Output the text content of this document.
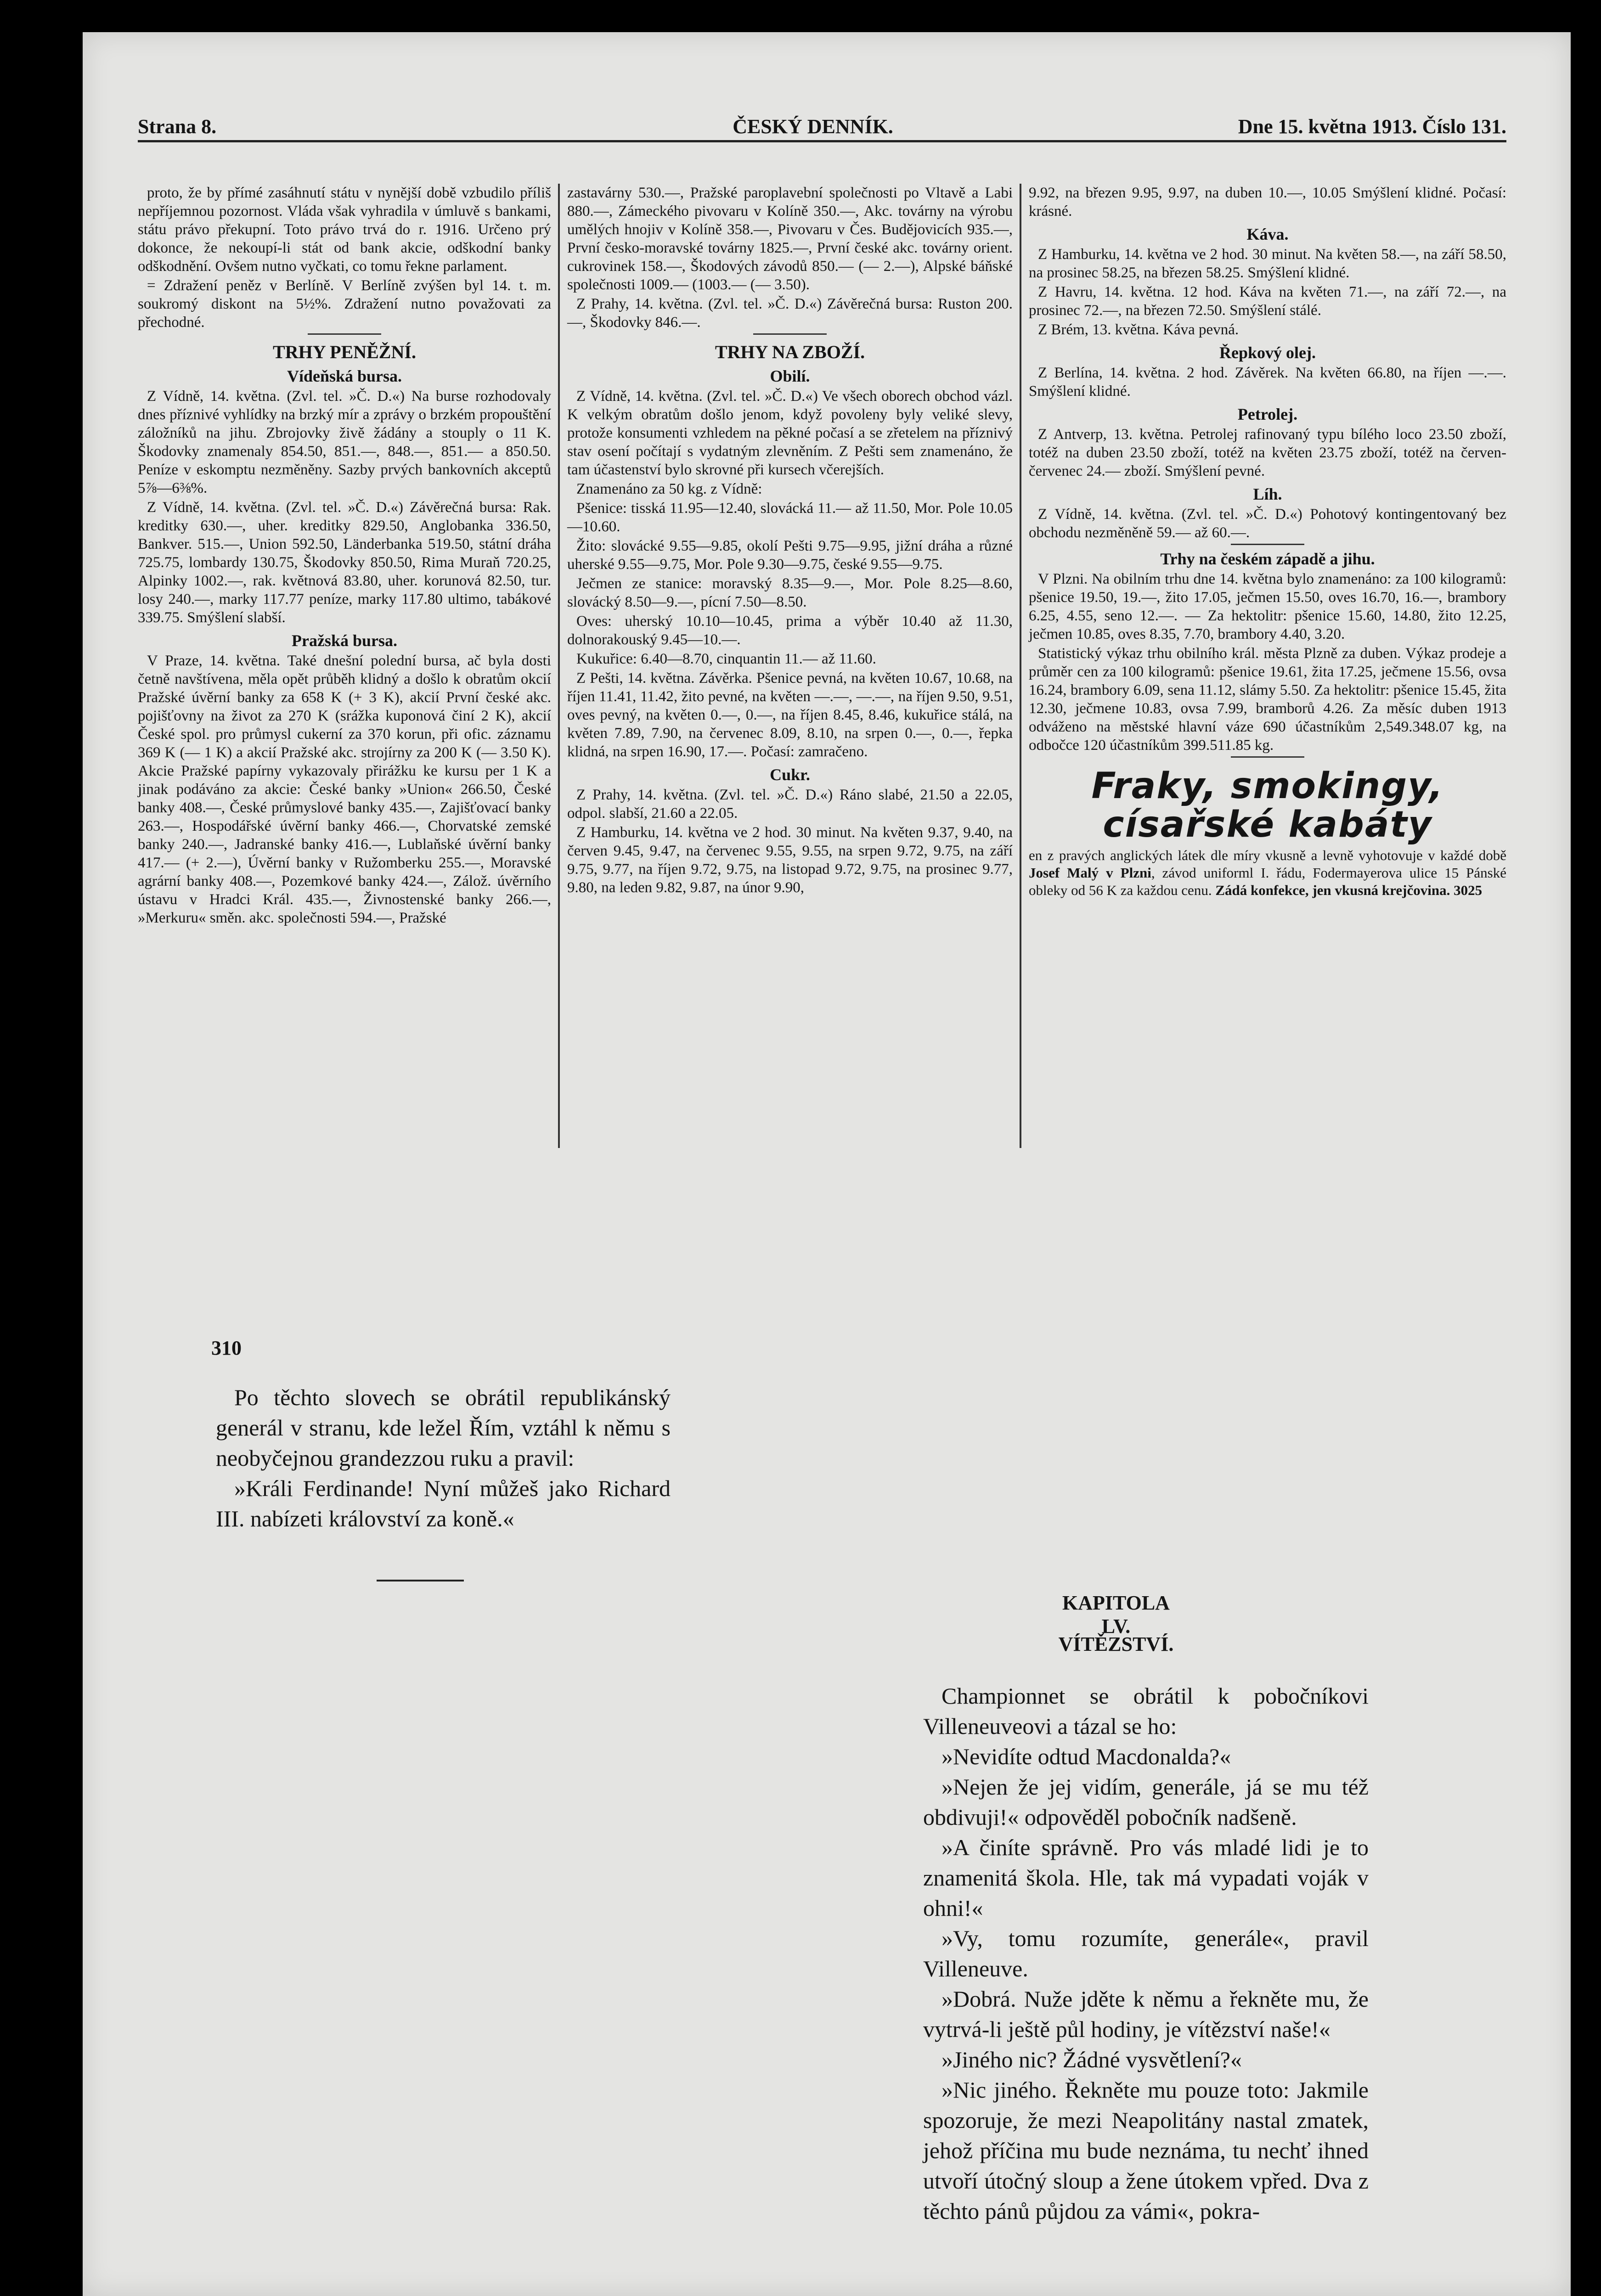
Strana 8.	ČESKÝ DENNÍK.	Dne 15. května 1913. Číslo 131.

proto, že by přímé zasáhnutí státu v nynější době vzbudilo příliš nepříjemnou pozornost. Vláda však vyhradila v úmluvě s bankami, státu právo překupní. Toto právo trvá do r. 1916. Určeno prý dokonce, že nekoupí-li stát od bank akcie, odškodní banky odškodnění. Ovšem nutno vyčkati, co tomu řekne parlament.

= Zdražení peněz v Berlíně. V Berlíně zvýšen byl 14. t. m. soukromý diskont na 5½%. Zdražení nutno považovati za přechodné.

TRHY PENĚŽNÍ.
Vídeňská bursa.

Z Vídně, 14. května. (Zvl. tel. »Č. D.«) Na burse rozhodovaly dnes příznivé vyhlídky na brzký mír a zprávy o brzkém propouštění záložníků na jihu. Zbrojovky živě žádány a stouply o 11 K. Škodovky znamenaly 854.50, 851.—, 848.—, 851.— a 850.50. Peníze v eskomptu nezměněny. Sazby prvých bankovních akceptů 5⅞—6⅜%.

Z Vídně, 14. května. (Zvl. tel. »Č. D.«) Závěrečná bursa: Rak. kreditky 630.—, uher. kreditky 829.50, Anglobanka 336.50, Bankver. 515.—, Union 592.50, Länderbanka 519.50, státní dráha 725.75, lombardy 130.75, Škodovky 850.50, Rima Muraň 720.25, Alpinky 1002.—, rak. květnová 83.80, uher. korunová 82.50, tur. losy 240.—, marky 117.77 peníze, marky 117.80 ultimo, tabákové 339.75. Smýšlení slabší.

Pražská bursa.

V Praze, 14. května. Také dnešní polední bursa, ač byla dosti četně navštívena, měla opět průběh klidný a došlo k obratům okcií Pražské úvěrní banky za 658 K (+ 3 K), akcií První české akc. pojišťovny na život za 270 K (srážka kuponová činí 2 K), akcií České spol. pro průmysl cukerní za 370 korun, při ofic. záznamu 369 K (— 1 K) a akcií Pražské akc. strojírny za 200 K (— 3.50 K). Akcie Pražské papírny vykazovaly přirážku ke kursu per 1 K a jinak podáváno za akcie: České banky »Union« 266.50, České banky 408.—, České průmyslové banky 435.—, Zajišťovací banky 263.—, Hospodářské úvěrní banky 466.—, Chorvatské zemské banky 240.—, Jadranské banky 416.—, Lublaňské úvěrní banky 417.— (+ 2.—), Úvěrní banky v Ružomberku 255.—, Moravské agrární banky 408.—, Pozemkové banky 424.—, Zálož. úvěrního ústavu v Hradci Král. 435.—, Živnostenské banky 266.—, »Merkuru« směn. akc. společnosti 594.—, Pražské

zastavárny 530.—, Pražské paroplavební společnosti po Vltavě a Labi 880.—, Zámeckého pivovaru v Kolíně 350.—, Akc. továrny na výrobu umělých hnojiv v Kolíně 358.—, Pivovaru v Čes. Budějovicích 935.—, První česko-moravské továrny 1825.—, První české akc. továrny orient. cukrovinek 158.—, Škodových závodů 850.— (— 2.—), Alpské báňské společnosti 1009.— (1003.— (— 3.50).

Z Prahy, 14. května. (Zvl. tel. »Č. D.«) Závěrečná bursa: Ruston 200.—, Škodovky 846.—.

TRHY NA ZBOŽÍ.
Obilí.

Z Vídně, 14. května. (Zvl. tel. »Č. D.«) Ve všech oborech obchod vázl. K velkým obratům došlo jenom, když povoleny byly veliké slevy, protože konsumenti vzhledem na pěkné počasí a se zřetelem na příznivý stav osení počítají s vydatným zlevněním. Z Pešti sem znamenáno, že tam účastenství bylo skrovné při kursech včerejších.

Znamenáno za 50 kg. z Vídně:

Pšenice: tisská 11.95—12.40, slovácká 11.— až 11.50, Mor. Pole 10.05—10.60.

Žito: slovácké 9.55—9.85, okolí Pešti 9.75—9.95, jižní dráha a různé uherské 9.55—9.75, Mor. Pole 9.30—9.75, české 9.55—9.75.

Ječmen ze stanice: moravský 8.35—9.—, Mor. Pole 8.25—8.60, slovácký 8.50—9.—, pícní 7.50—8.50.

Oves: uherský 10.10—10.45, prima a výběr 10.40 až 11.30, dolnorakouský 9.45—10.—.

Kukuřice: 6.40—8.70, cinquantin 11.— až 11.60.

Z Pešti, 14. května. Závěrka. Pšenice pevná, na květen 10.67, 10.68, na říjen 11.41, 11.42, žito pevné, na květen —.—, —.—, na říjen 9.50, 9.51, oves pevný, na květen 0.—, 0.—, na říjen 8.45, 8.46, kukuřice stálá, na květen 7.89, 7.90, na červenec 8.09, 8.10, na srpen 0.—, 0.—, řepka klidná, na srpen 16.90, 17.—. Počasí: zamračeno.

Cukr.

Z Prahy, 14. května. (Zvl. tel. »Č. D.«) Ráno slabé, 21.50 a 22.05, odpol. slabší, 21.60 a 22.05.

Z Hamburku, 14. května ve 2 hod. 30 minut. Na květen 9.37, 9.40, na červen 9.45, 9.47, na červenec 9.55, 9.55, na srpen 9.72, 9.75, na září 9.75, 9.77, na říjen 9.72, 9.75, na listopad 9.72, 9.75, na prosinec 9.77, 9.80, na leden 9.82, 9.87, na únor 9.90,

9.92, na březen 9.95, 9.97, na duben 10.—, 10.05 Smýšlení klidné. Počasí: krásné.

Káva.

Z Hamburku, 14. května ve 2 hod. 30 minut. Na květen 58.—, na září 58.50, na prosinec 58.25, na březen 58.25. Smýšlení klidné.

Z Havru, 14. května. 12 hod. Káva na květen 71.—, na září 72.—, na prosinec 72.—, na březen 72.50. Smýšlení stálé.

Z Brém, 13. května. Káva pevná.

Řepkový olej.

Z Berlína, 14. května. 2 hod. Závěrek. Na květen 66.80, na říjen —.—. Smýšlení klidné.

Petrolej.

Z Antverp, 13. května. Petrolej rafinovaný typu bílého loco 23.50 zboží, totéž na duben 23.50 zboží, totéž na květen 23.75 zboží, totéž na červen-červenec 24.— zboží. Smýšlení pevné.

Líh.

Z Vídně, 14. května. (Zvl. tel. »Č. D.«) Pohotový kontingentovaný bez obchodu nezměněně 59.— až 60.—.

Trhy na českém západě a jihu.

V Plzni. Na obilním trhu dne 14. května bylo znamenáno: za 100 kilogramů: pšenice 19.50, 19.—, žito 17.05, ječmen 15.50, oves 16.70, 16.—, brambory 6.25, 4.55, seno 12.—. — Za hektolitr: pšenice 15.60, 14.80, žito 12.25, ječmen 10.85, oves 8.35, 7.70, brambory 4.40, 3.20.

Statistický výkaz trhu obilního král. města Plzně za duben. Výkaz prodeje a průměr cen za 100 kilogramů: pšenice 19.61, žita 17.25, ječmene 15.56, ovsa 16.24, brambory 6.09, sena 11.12, slámy 5.50. Za hektolitr: pšenice 15.45, žita 12.30, ječmene 10.83, ovsa 7.99, bramborů 4.26. Za měsíc duben 1913 odváženo na městské hlavní váze 690 účastníkům 2,549.348.07 kg, na odbočce 120 účastníkům 399.511.85 kg.

Fraky, smokingy, císařské kabáty
en z pravých anglických látek dle míry vkusně a levně vyhotovuje v každé době Josef Malý v Plzni, závod uniforml I. řádu, Fodermayerova ulice 15 Pánské obleky od 56 K za každou cenu. Zádá konfekce, jen vkusná krejčovina. 3025
310

Po těchto slovech se obrátil republikánský generál v stranu, kde ležel Řím, vztáhl k němu s neobyčejnou grandezzou ruku a pravil:

»Králi Ferdinande! Nyní můžeš jako Richard III. nabízeti království za koně.«

KAPITOLA LV.
VÍTĚZSTVÍ.

Championnet se obrátil k pobočníkovi Villeneuveovi a tázal se ho:

»Nevidíte odtud Macdonalda?«

»Nejen že jej vidím, generále, já se mu též obdivuji!« odpověděl pobočník nadšeně.

»A činíte správně. Pro vás mladé lidi je to znamenitá škola. Hle, tak má vypadati voják v ohni!«

»Vy, tomu rozumíte, generále«, pravil Villeneuve.

»Dobrá. Nuže jděte k němu a řekněte mu, že vytrvá-li ještě půl hodiny, je vítězství naše!«

»Jiného nic? Žádné vysvětlení?«

»Nic jiného. Řekněte mu pouze toto: Jakmile spozoruje, že mezi Neapolitány nastal zmatek, jehož příčina mu bude neznáma, tu nechť ihned utvoří útočný sloup a žene útokem vpřed. Dva z těchto pánů půjdou za vámi«, pokra-
